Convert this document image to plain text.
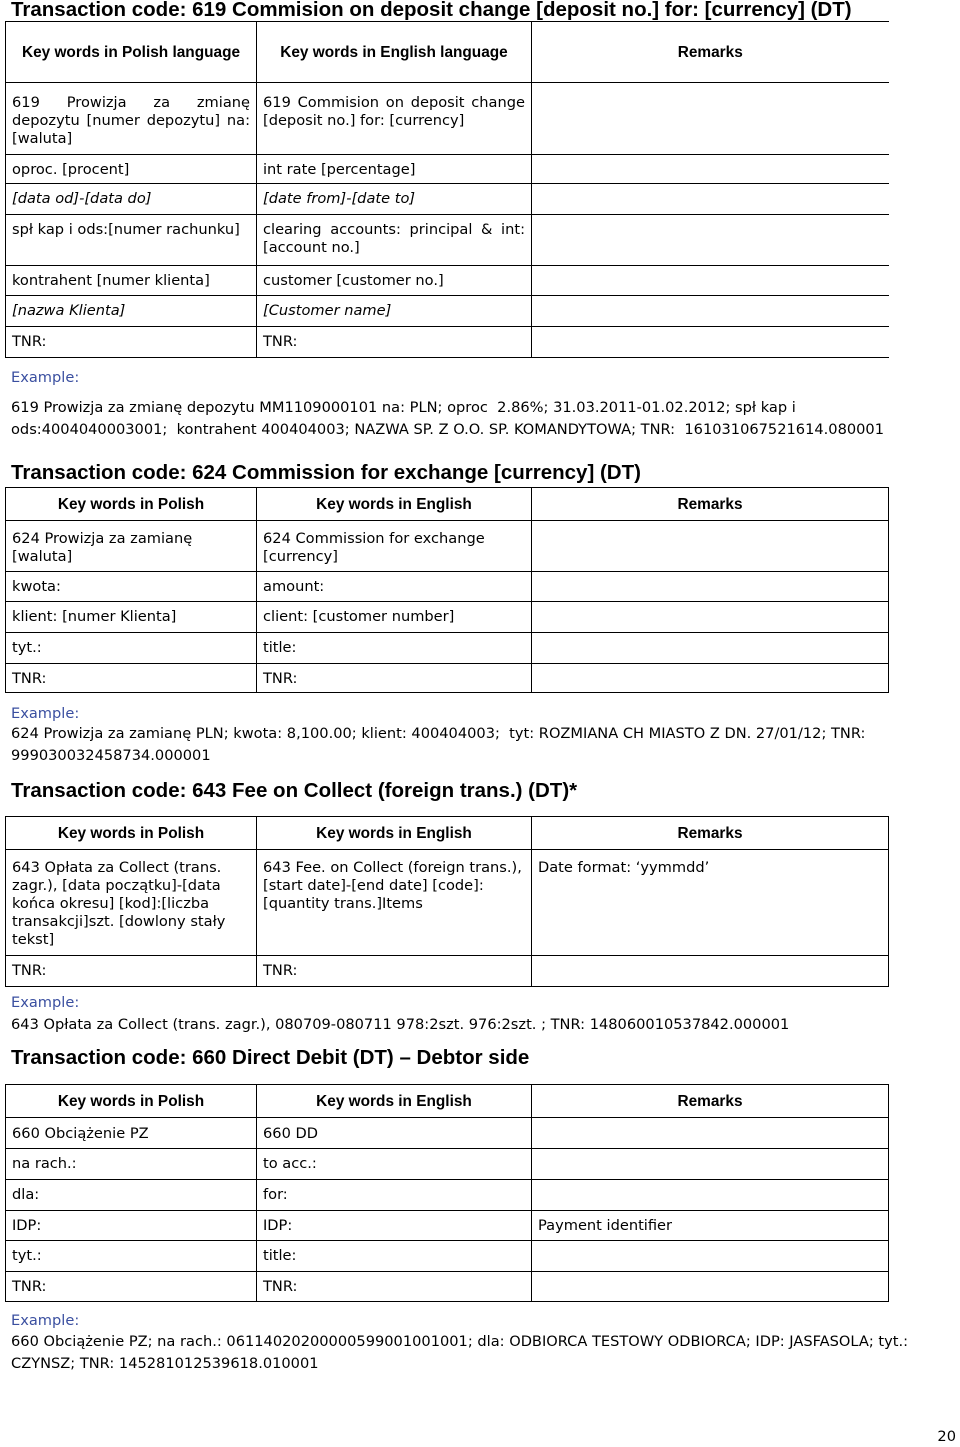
Transaction code: 619 Commision on deposit change [deposit no.] for: [currency] (DT)
Key words in Polish language	Key words in English language	Remarks
619 Prowizja za zmianę depozytu [numer depozytu] na: [waluta]	619 Commision on deposit change [deposit no.] for: [currency]	
oproc. [procent]	int rate [percentage]	
[data od]-[data do]	[date from]-[date to]	
spł kap i ods:[numer rachunku]	clearing accounts: principal & int:[account no.]	
kontrahent [numer klienta]	customer [customer no.]	
[nazwa Klienta]	[Customer name]	
TNR:	TNR:	
Example:
619 Prowizja za zmianę depozytu MM1109000101 na: PLN; oproc  2.86%; 31.03.2011-01.02.2012; spł kap i ods:4004040003001;  kontrahent 400404003; NAZWA SP. Z O.O. SP. KOMANDYTOWA; TNR:  161031067521614.080001
Transaction code: 624 Commission for exchange [currency] (DT)
Key words in Polish	Key words in English	Remarks
624 Prowizja za zamianę [waluta]	624 Commission for exchange [currency]	
kwota:	amount:	
klient: [numer Klienta]	client: [customer number]	
tyt.:	title:	
TNR:	TNR:	
Example:
624 Prowizja za zamianę PLN; kwota: 8,100.00; klient: 400404003;  tyt: ROZMIANA CH MIASTO Z DN. 27/01/12; TNR: 999030032458734.000001
Transaction code: 643 Fee on Collect (foreign trans.) (DT)*
Key words in Polish	Key words in English	Remarks
643 Opłata za Collect (trans. zagr.), [data początku]-[data końca okresu] [kod]:[liczba transakcji]szt. [dowlony stały tekst]	643 Fee. on Collect (foreign trans.), [start date]-[end date] [code]:[quantity trans.]Items	Date format: ‘yymmdd’
TNR:	TNR:	
Example:
643 Opłata za Collect (trans. zagr.), 080709-080711 978:2szt. 976:2szt. ; TNR: 148060010537842.000001
Transaction code: 660 Direct Debit (DT) – Debtor side
Key words in Polish	Key words in English	Remarks
660 Obciążenie PZ	660 DD	
na rach.:	to acc.:	
dla:	for:	
IDP:	IDP:	Payment identifier
tyt.:	title:	
TNR:	TNR:	
Example:
660 Obciążenie PZ; na rach.: 06114020200000599001001001; dla: ODBIORCA TESTOWY ODBIORCA; IDP: JASFASOLA; tyt.: CZYNSZ; TNR: 145281012539618.010001
20
